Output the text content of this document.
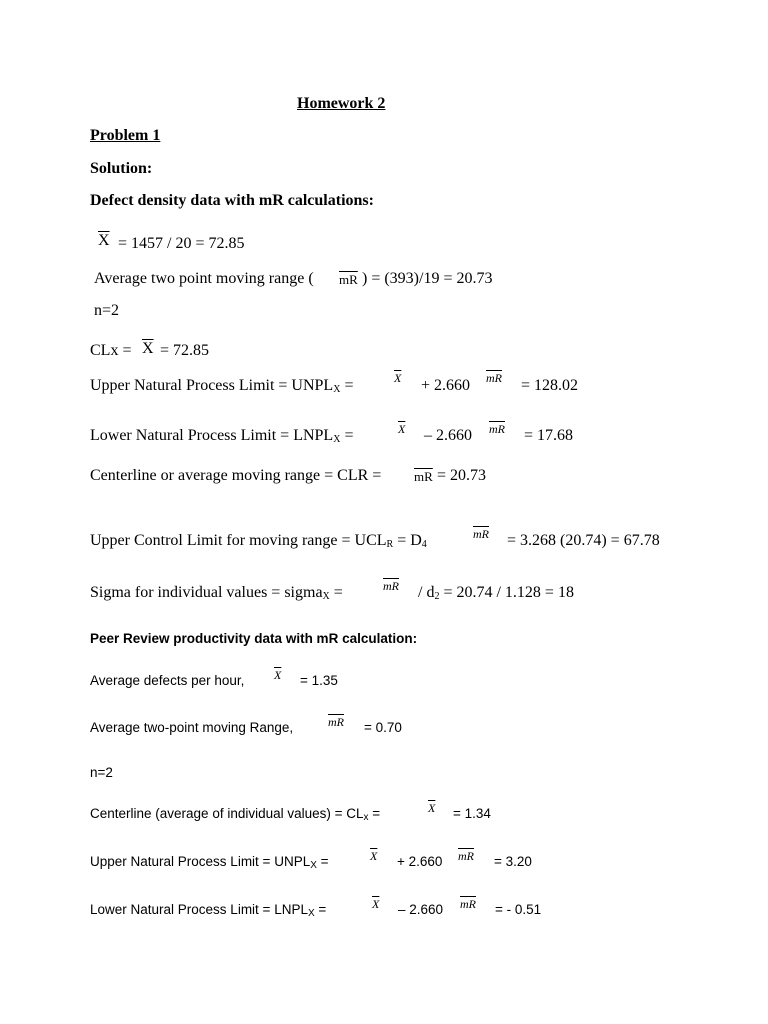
Homework 2
Problem 1
Solution:
Defect density data with mR calculations:
$\overline{X} = 1457 / 20 = 72.85$
Average two point moving range ( $\overline{mR}$ ) = (393)/19 = 20.73
n=2
CLx = $\overline{X} = 72.85$
Upper Natural Process Limit = $UNPL_X$ =	$\overline{X} + 2.660$ $\overline{mR} = 128.02$
Lower Natural Process Limit = $LNPL_X$ =	$\overline{X} - 2.660$ $\overline{mR} = 17.68$
Centerline or average moving range = CLR =	$\overline{mR} = 20.73$
Upper Control Limit for moving range = $UCL_R = D_4$
$\overline{mR} = 3.268$ (20.74) = 67.78
Sigma for individual values = sigma$_X$ =	$\overline{mR} / d_2 = 20.74 / 1.128 = 18$
Peer Review productivity data with mR calculation:
Average defects per hour, $\overline{X} = 1.35$
Average two-point moving Range,	$\overline{mR} = 0.70$
n=2
Centerline (average of individual values) = $CL_x$ =	$\overline{X} = 1.34$
Upper Natural Process Limit = $UNPL_X$ =	$\overline{X} + 2.660$ $\overline{mR} = 3.20$
Lower Natural Process Limit = $LNPL_X$ =	$\overline{X} - 2.660$ $\overline{mR}$ = - 0.51
